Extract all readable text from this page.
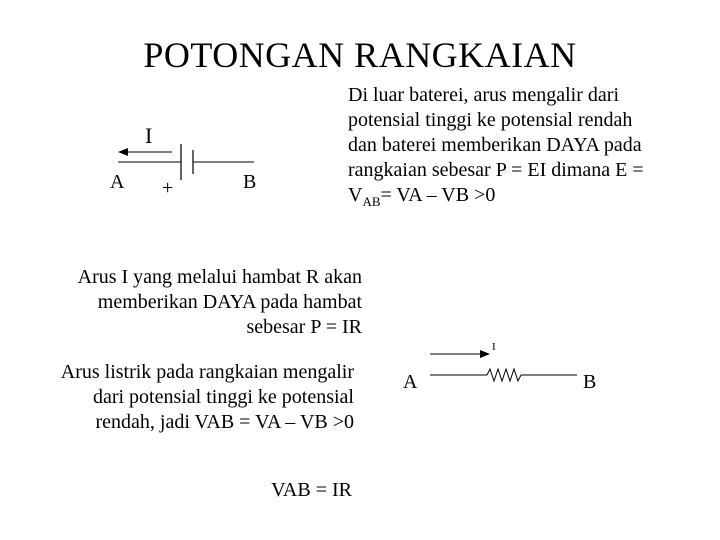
POTONGAN RANGKAIAN
Di luar baterei, arus mengalir dari potensial tinggi ke potensial rendah dan baterei memberikan DAYA pada rangkaian sebesar P = EI dimana $E = V_{AB}=$ VA – VB >0
Arus I yang melalui hambat R akan memberikan DAYA pada hambat sebesar P = IR
Arus listrik pada rangkaian mengalir dari potensial tinggi ke potensial rendah, jadi VAB = VA – VB >0
VAB = IR
I
A	B
+
I
A	B
